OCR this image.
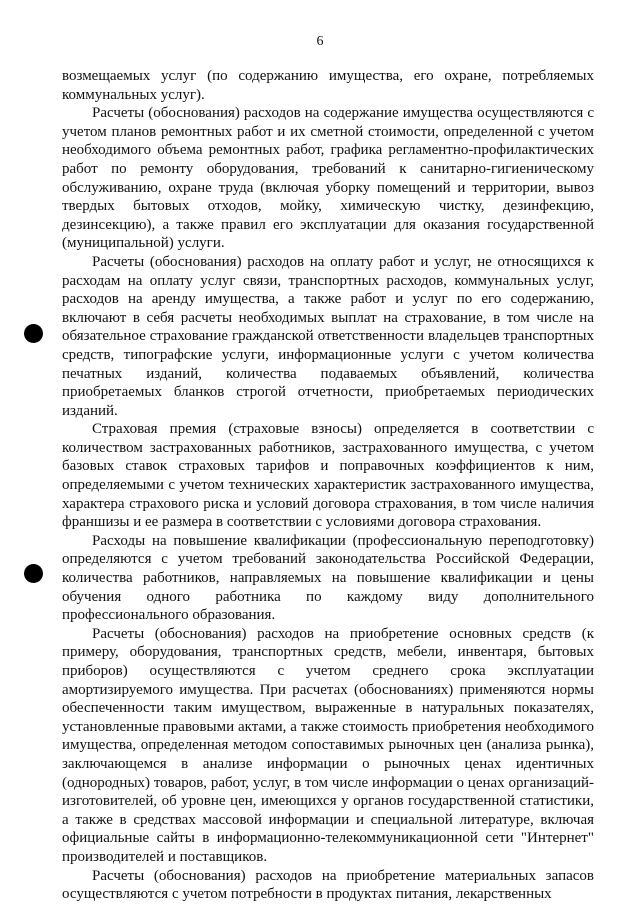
6

возмещаемых услуг (по содержанию имущества, его охране, потребляемых коммунальных услуг).

Расчеты (обоснования) расходов на содержание имущества осуществляются с учетом планов ремонтных работ и их сметной стоимости, определенной с учетом необходимого объема ремонтных работ, графика регламентно-профилактических работ по ремонту оборудования, требований к санитарно-гигиеническому обслуживанию, охране труда (включая уборку помещений и территории, вывоз твердых бытовых отходов, мойку, химическую чистку, дезинфекцию, дезинсекцию), а также правил его эксплуатации для оказания государственной (муниципальной) услуги.

Расчеты (обоснования) расходов на оплату работ и услуг, не относящихся к расходам на оплату услуг связи, транспортных расходов, коммунальных услуг, расходов на аренду имущества, а также работ и услуг по его содержанию, включают в себя расчеты необходимых выплат на страхование, в том числе на обязательное страхование гражданской ответственности владельцев транспортных средств, типографские услуги, информационные услуги с учетом количества печатных изданий, количества подаваемых объявлений, количества приобретаемых бланков строгой отчетности, приобретаемых периодических изданий.

Страховая премия (страховые взносы) определяется в соответствии с количеством застрахованных работников, застрахованного имущества, с учетом базовых ставок страховых тарифов и поправочных коэффициентов к ним, определяемыми с учетом технических характеристик застрахованного имущества, характера страхового риска и условий договора страхования, в том числе наличия франшизы и ее размера в соответствии с условиями договора страхования.

Расходы на повышение квалификации (профессиональную переподготовку) определяются с учетом требований законодательства Российской Федерации, количества работников, направляемых на повышение квалификации и цены обучения одного работника по каждому виду дополнительного профессионального образования.

Расчеты (обоснования) расходов на приобретение основных средств (к примеру, оборудования, транспортных средств, мебели, инвентаря, бытовых приборов) осуществляются с учетом среднего срока эксплуатации амортизируемого имущества. При расчетах (обоснованиях) применяются нормы обеспеченности таким имуществом, выраженные в натуральных показателях, установленные правовыми актами, а также стоимость приобретения необходимого имущества, определенная методом сопоставимых рыночных цен (анализа рынка), заключающемся в анализе информации о рыночных ценах идентичных (однородных) товаров, работ, услуг, в том числе информации о ценах организаций-изготовителей, об уровне цен, имеющихся у органов государственной статистики, а также в средствах массовой информации и специальной литературе, включая официальные сайты в информационно-телекоммуникационной сети "Интернет" производителей и поставщиков.

Расчеты (обоснования) расходов на приобретение материальных запасов осуществляются с учетом потребности в продуктах питания, лекарственных
